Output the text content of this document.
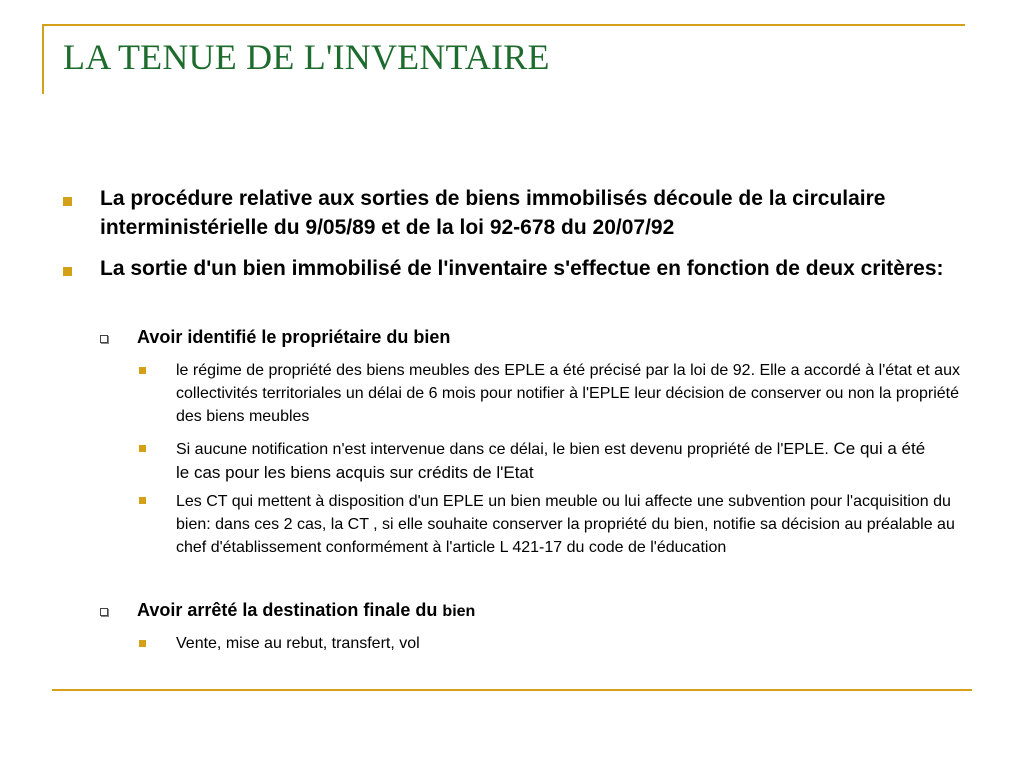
LA TENUE DE L'INVENTAIRE
La procédure relative aux sorties de biens immobilisés découle de la circulaire interministérielle du 9/05/89 et de la loi 92-678 du 20/07/92
La sortie d'un bien immobilisé de l'inventaire s'effectue en fonction de deux critères:
Avoir identifié le propriétaire du bien
le régime de propriété des biens meubles des EPLE a été précisé par la loi de 92. Elle a accordé à l'état et aux collectivités territoriales un délai de 6 mois pour notifier à l'EPLE leur décision de conserver ou non la propriété des biens meubles
Si aucune notification n'est intervenue dans ce délai, le bien est devenu propriété de l'EPLE. Ce qui a été le cas pour les biens acquis sur crédits de l'Etat
Les CT qui mettent à disposition d'un EPLE un bien meuble ou lui affecte une subvention pour l'acquisition du bien: dans ces 2 cas, la CT , si elle souhaite conserver la propriété du bien, notifie sa décision au préalable au chef d'établissement conformément à l'article L 421-17 du code de l'éducation
Avoir arrêté la destination finale du bien
Vente, mise au rebut, transfert, vol
